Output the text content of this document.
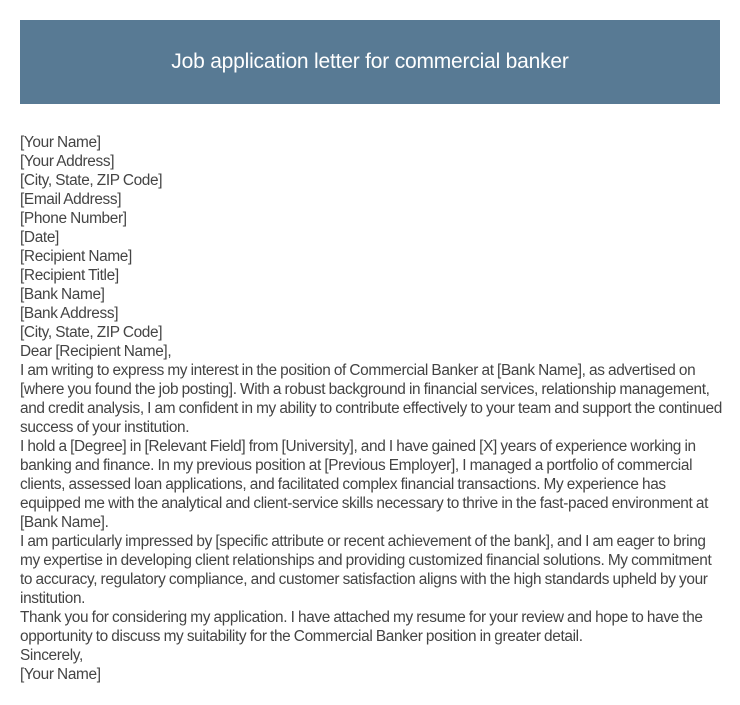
Job application letter for commercial banker
[Your Name]
[Your Address]
[City, State, ZIP Code]
[Email Address]
[Phone Number]
[Date]
[Recipient Name]
[Recipient Title]
[Bank Name]
[Bank Address]
[City, State, ZIP Code]
Dear [Recipient Name],
I am writing to express my interest in the position of Commercial Banker at [Bank Name], as advertised on [where you found the job posting]. With a robust background in financial services, relationship management, and credit analysis, I am confident in my ability to contribute effectively to your team and support the continued success of your institution.
I hold a [Degree] in [Relevant Field] from [University], and I have gained [X] years of experience working in banking and finance. In my previous position at [Previous Employer], I managed a portfolio of commercial clients, assessed loan applications, and facilitated complex financial transactions. My experience has equipped me with the analytical and client-service skills necessary to thrive in the fast-paced environment at [Bank Name].
I am particularly impressed by [specific attribute or recent achievement of the bank], and I am eager to bring my expertise in developing client relationships and providing customized financial solutions. My commitment to accuracy, regulatory compliance, and customer satisfaction aligns with the high standards upheld by your institution.
Thank you for considering my application. I have attached my resume for your review and hope to have the opportunity to discuss my suitability for the Commercial Banker position in greater detail.
Sincerely,
[Your Name]
